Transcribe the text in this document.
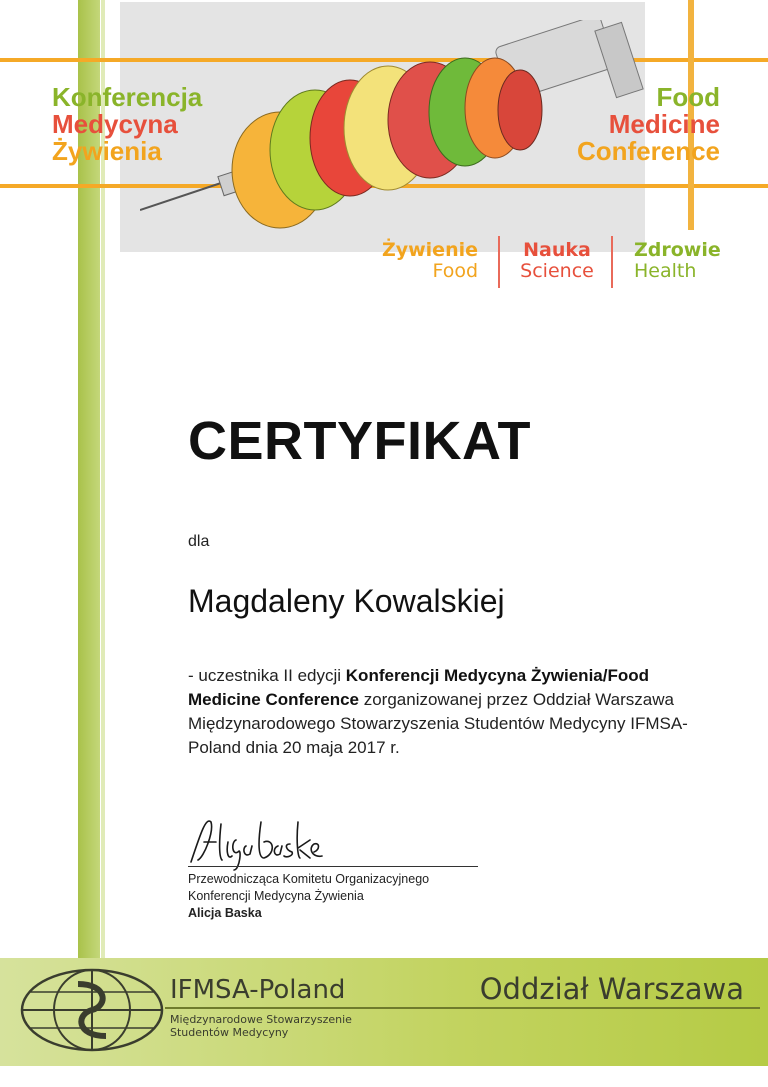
Konferencja
Medycyna
Żywienia
Food
Medicine
Conference
Żywienie
Food
Nauka
Science
Zdrowie
Health
CERTYFIKAT
dla
Magdaleny Kowalskiej
- uczestnika II edycji Konferencji Medycyna Żywienia/Food Medicine Conference zorganizowanej przez Oddział Warszawa Międzynarodowego Stowarzyszenia Studentów Medycyny IFMSA-Poland dnia 20 maja 2017 r.
Przewodnicząca Komitetu Organizacyjnego
Konferencji Medycyna Żywienia
Alicja Baska
IFMSA-Poland
Międzynarodowe Stowarzyszenie
Studentów Medycyny
Oddział Warszawa
